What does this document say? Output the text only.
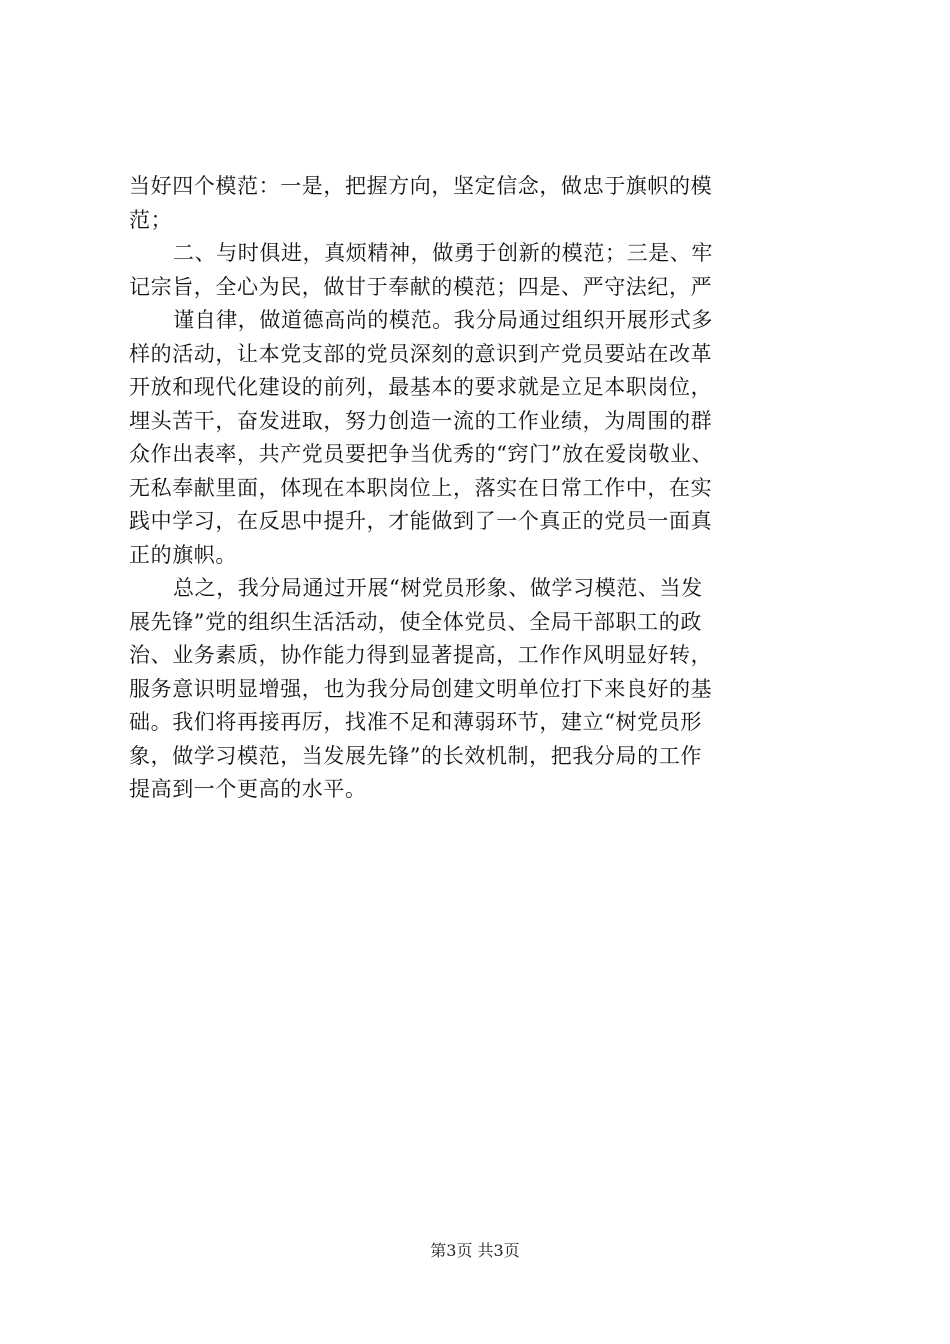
当好四个模范：一是，把握方向，坚定信念，做忠于旗帜的模
范；
二、与时俱进，真烦精神，做勇于创新的模范；三是、牢
记宗旨，全心为民，做甘于奉献的模范；四是、严守法纪，严
谨自律，做道德高尚的模范。我分局通过组织开展形式多
样的活动，让本党支部的党员深刻的意识到产党员要站在改革
开放和现代化建设的前列，最基本的要求就是立足本职岗位，
埋头苦干，奋发进取，努力创造一流的工作业绩，为周围的群
众作出表率，共产党员要把争当优秀的“窍门”放在爱岗敬业、
无私奉献里面，体现在本职岗位上，落实在日常工作中，在实
践中学习，在反思中提升，才能做到了一个真正的党员一面真
正的旗帜。
总之，我分局通过开展“树党员形象、做学习模范、当发
展先锋”党的组织生活活动，使全体党员、全局干部职工的政
治、业务素质，协作能力得到显著提高，工作作风明显好转，
服务意识明显增强，也为我分局创建文明单位打下来良好的基
础。我们将再接再厉，找准不足和薄弱环节，建立“树党员形
象，做学习模范，当发展先锋”的长效机制，把我分局的工作
提高到一个更高的水平。
第3页 共3页
